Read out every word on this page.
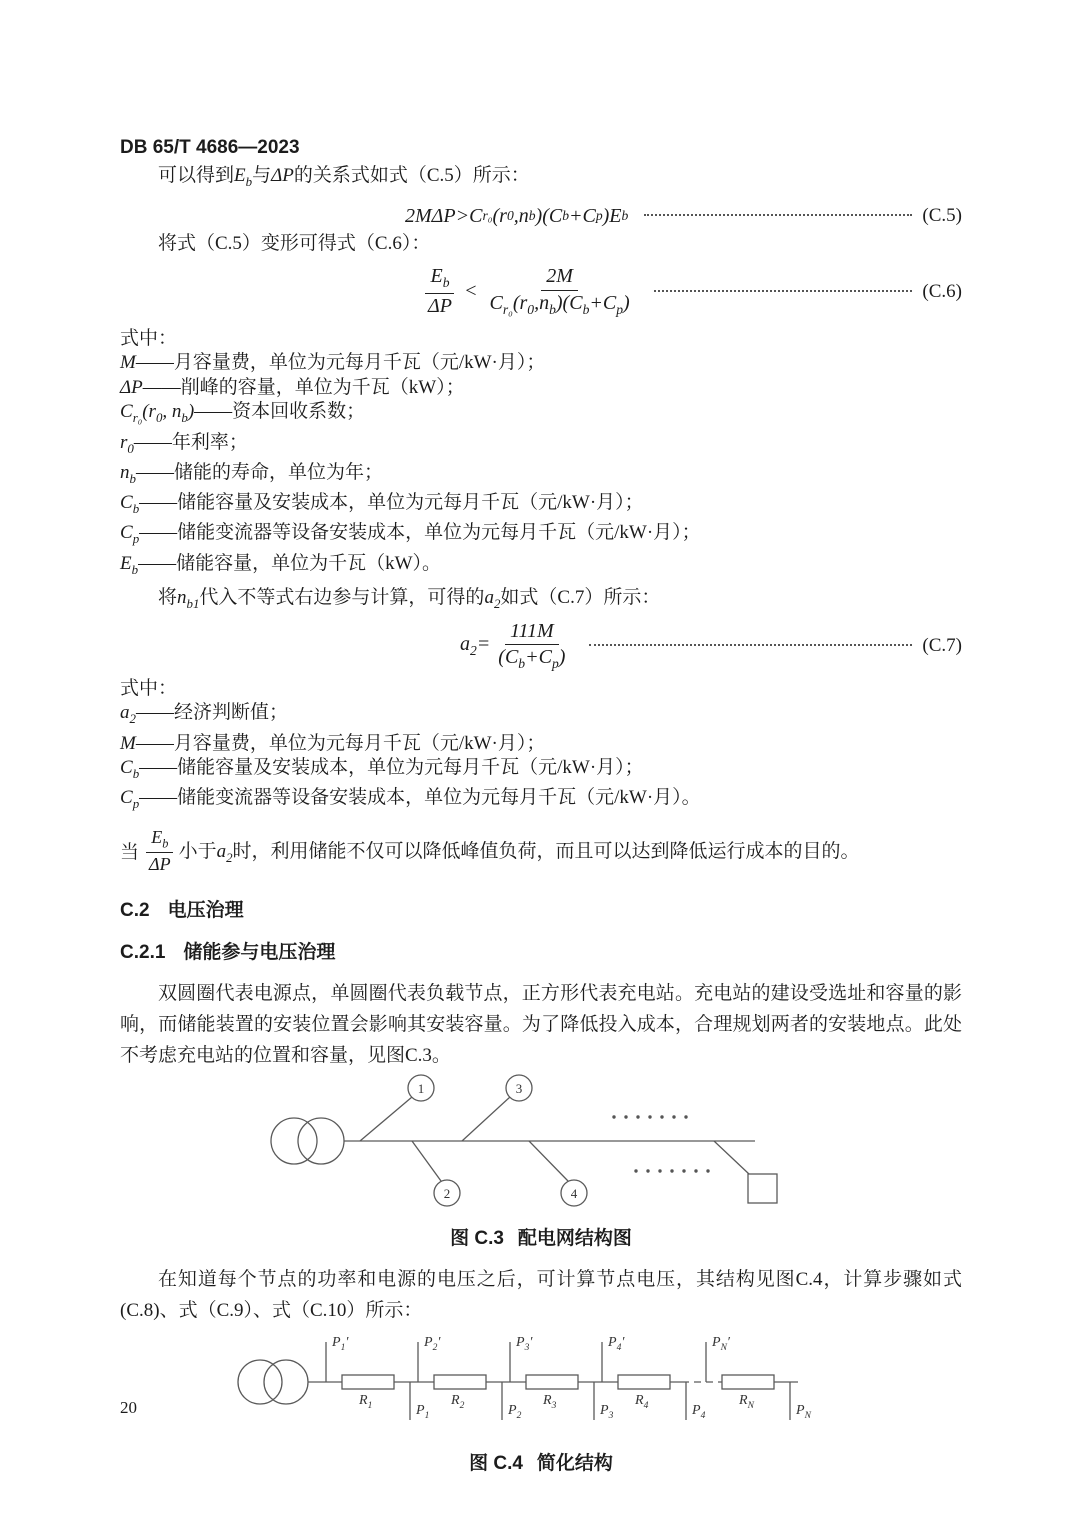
DB 65/T 4686—2023

可以得到$E_b$与ΔP的关系式如式（C.5）所示：

2MΔP>C r₀ (r 0 ,n b )(C b +C p )E b	(C.5)

将式（C.5）变形可得式（C.6）：

$\frac{E_b}{\Delta P} < \frac{2M}{C_{r_0}(r_0,n_b)(C_b+C_p)}$	(C.6)
式中：
M——月容量费，单位为元每月千瓦（元/kW·月）；
ΔP——削峰的容量，单位为千瓦（kW）；
$C_{r_0}(r_0$, $n_b)——$资本回收系数；
$r_0——$年利率；
$n_b——$储能的寿命，单位为年；
$C_b——$储能容量及安装成本，单位为元每月千瓦（元/kW·月）；
$C_p——$储能变流器等设备安装成本，单位为元每月千瓦（元/kW·月）；
$E_b——$储能容量，单位为千瓦（kW）。

将$n_{b1}$代入不等式右边参与计算，可得的$a_2$如式（C.7）所示：

$a_2= \frac{111M}{(C_b+C_p)}$	(C.7)
式中：
$a_2——$经济判断值；
M——月容量费，单位为元每月千瓦（元/kW·月）；
$C_b——$储能容量及安装成本，单位为元每月千瓦（元/kW·月）；
$C_p——$储能变流器等设备安装成本，单位为元每月千瓦（元/kW·月）。
当 $\frac{E_b}{\Delta P}$ 小于$a_2$时，利用储能不仅可以降低峰值负荷，而且可以达到降低运行成本的目的。
C.2 电压治理
C.2.1 储能参与电压治理

双圆圈代表电源点，单圆圈代表负载节点，正方形代表充电站。充电站的建设受选址和容量的影响，而储能装置的安装位置会影响其安装容量。为了降低投入成本，合理规划两者的安装地点。此处不考虑充电站的位置和容量，见图C.3。

1
2
3
4
图 C.3 配电网结构图

在知道每个节点的功率和电源的电压之后，可计算节点电压，其结构见图C.4，计算步骤如式(C.8)、式（C.9）、式（C.10）所示：

$P_1'$	$P_2'$	$P_3'$	$P_4'$	$P_N'$
$R_1$	$R_2$	$R_3$	$R_4$	$R_N$
$P_1$	$P_2$	$P_3$	$P_4$	$P_N$
图 C.4 简化结构
20
